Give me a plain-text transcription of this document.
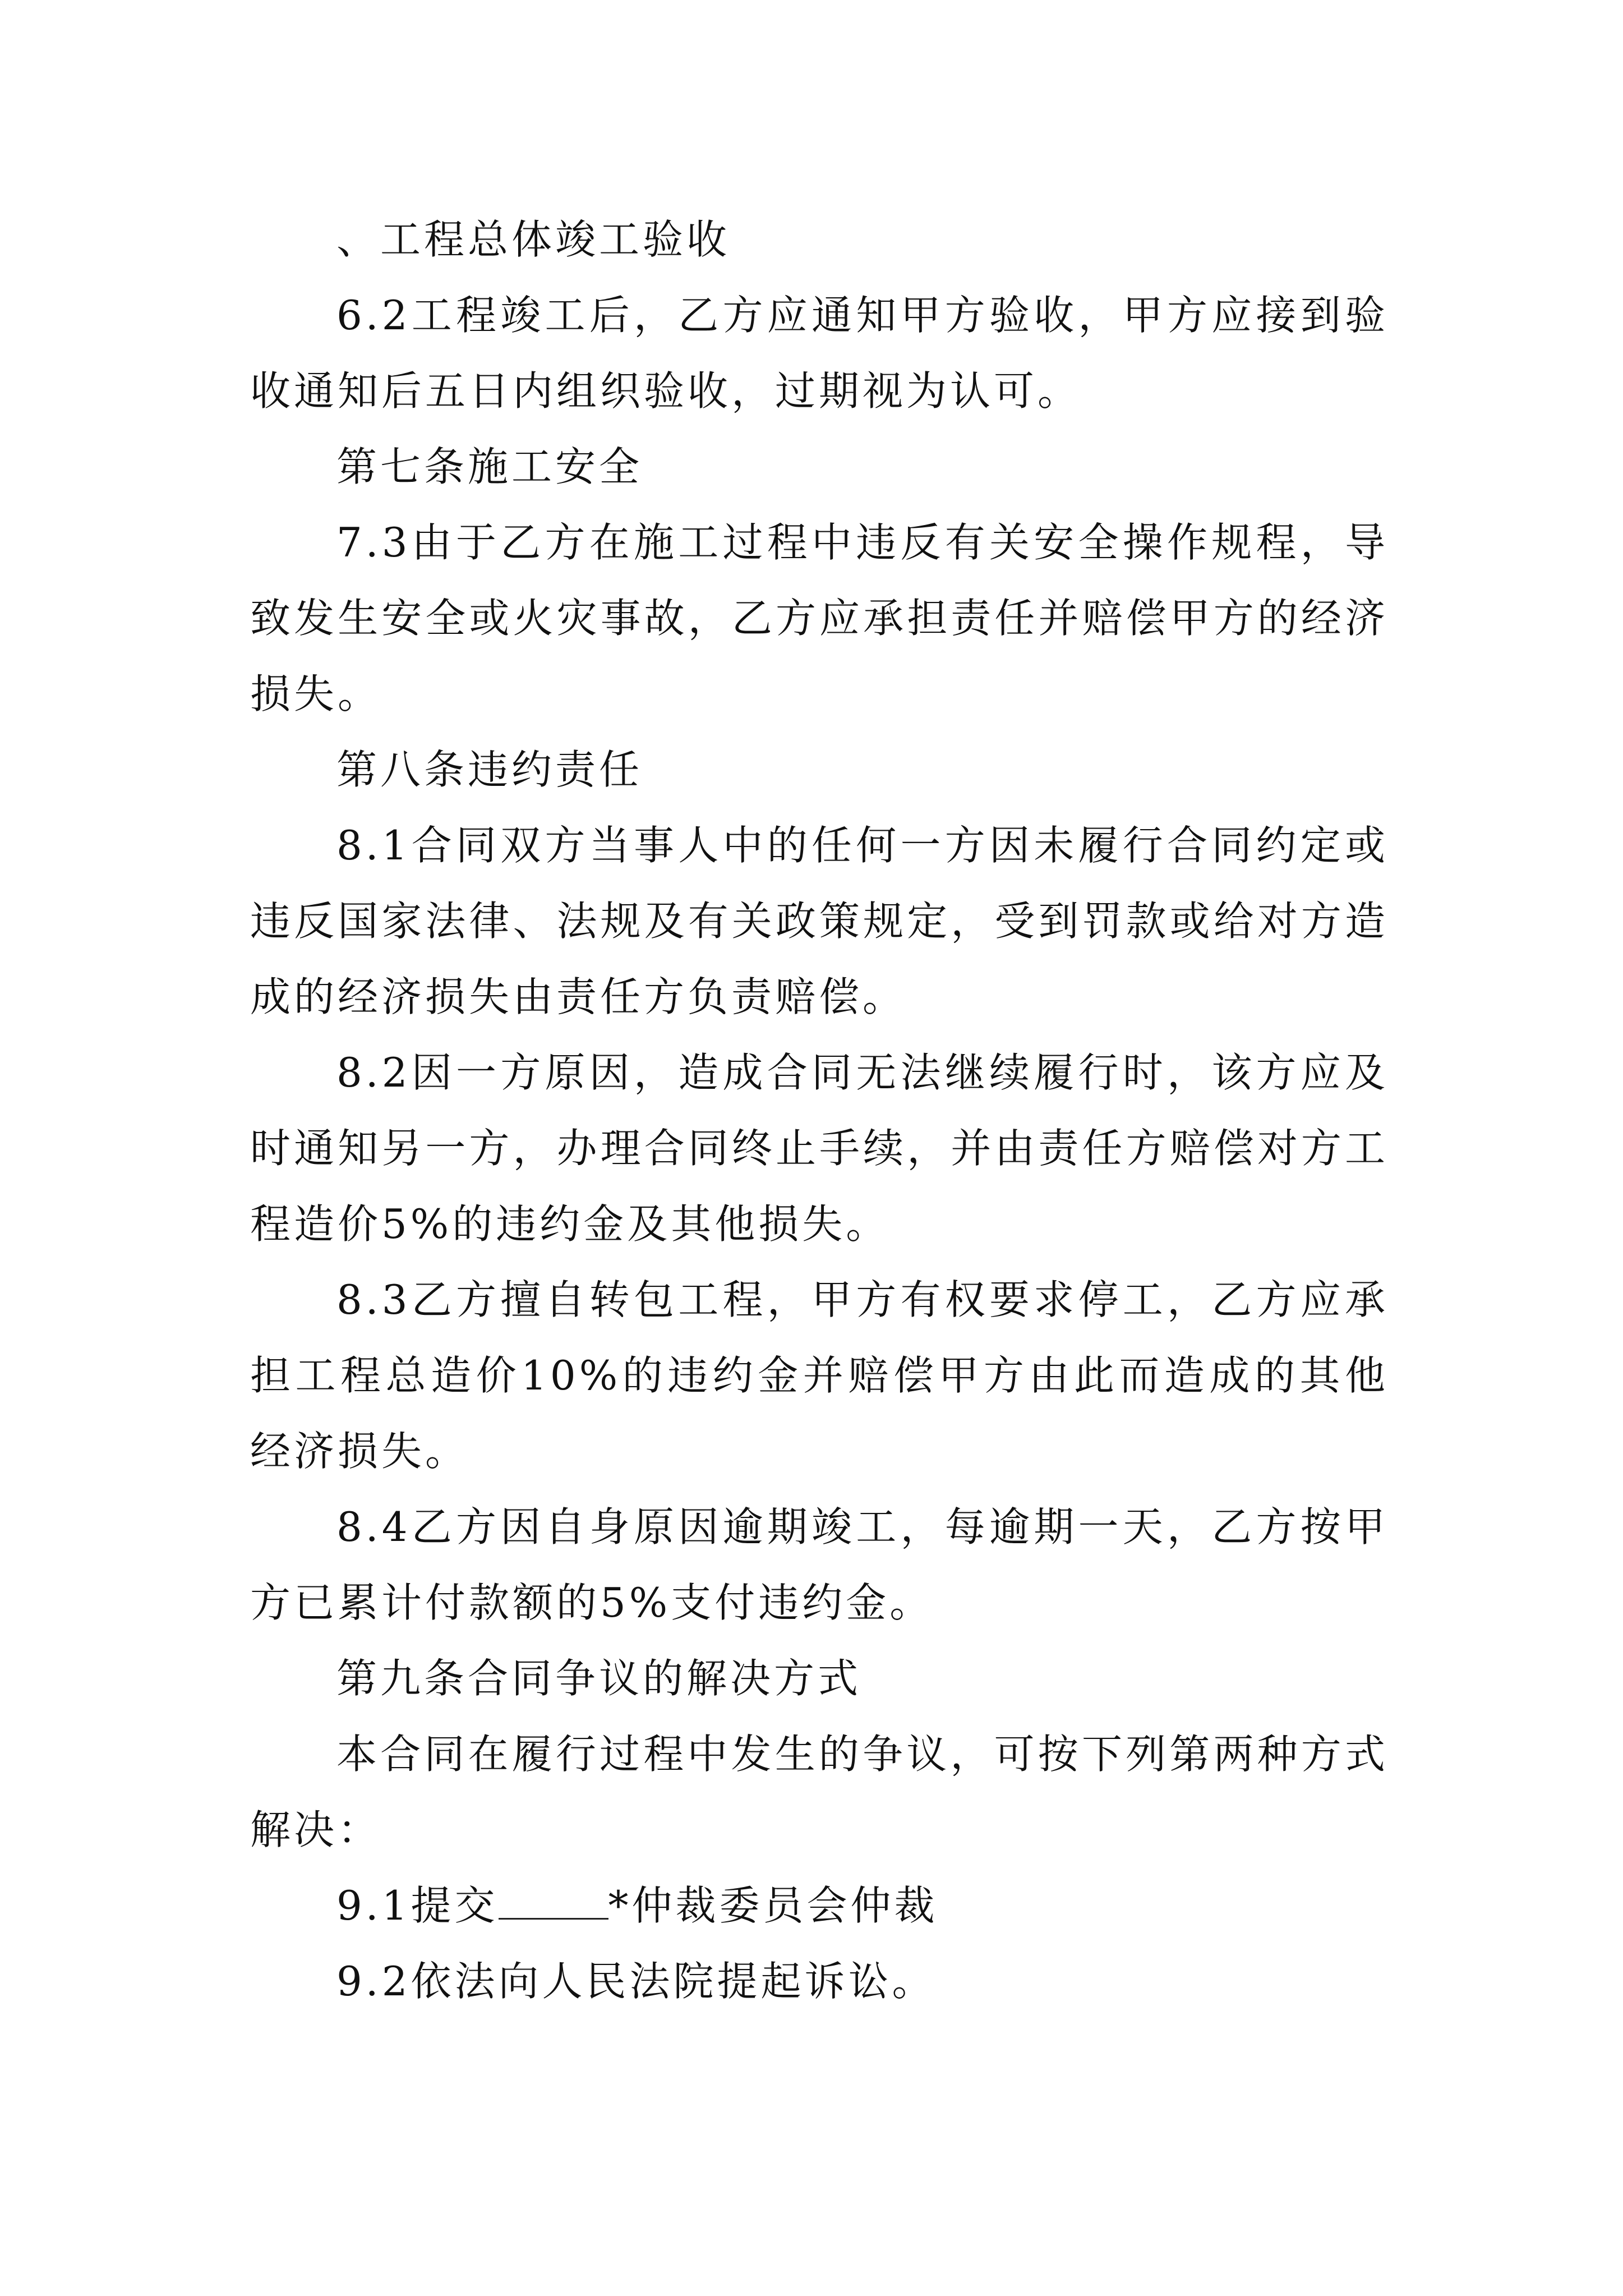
、工程总体竣工验收

6.2工程竣工后，乙方应通知甲方验收，甲方应接到验收通知后五日内组织验收，过期视为认可。

第七条施工安全

7.3由于乙方在施工过程中违反有关安全操作规程，导致发生安全或火灾事故，乙方应承担责任并赔偿甲方的经济损失。

第八条违约责任

8.1合同双方当事人中的任何一方因未履行合同约定或违反国家法律、法规及有关政策规定，受到罚款或给对方造成的经济损失由责任方负责赔偿。

8.2因一方原因，造成合同无法继续履行时，该方应及时通知另一方，办理合同终止手续，并由责任方赔偿对方工程造价5%的违约金及其他损失。

8.3乙方擅自转包工程，甲方有权要求停工，乙方应承担工程总造价10%的违约金并赔偿甲方由此而造成的其他经济损失。

8.4乙方因自身原因逾期竣工，每逾期一天，乙方按甲方已累计付款额的5%支付违约金。

第九条合同争议的解决方式

本合同在履行过程中发生的争议，可按下列第两种方式解决：

9.1提交	*仲裁委员会仲裁

9.2依法向人民法院提起诉讼。
